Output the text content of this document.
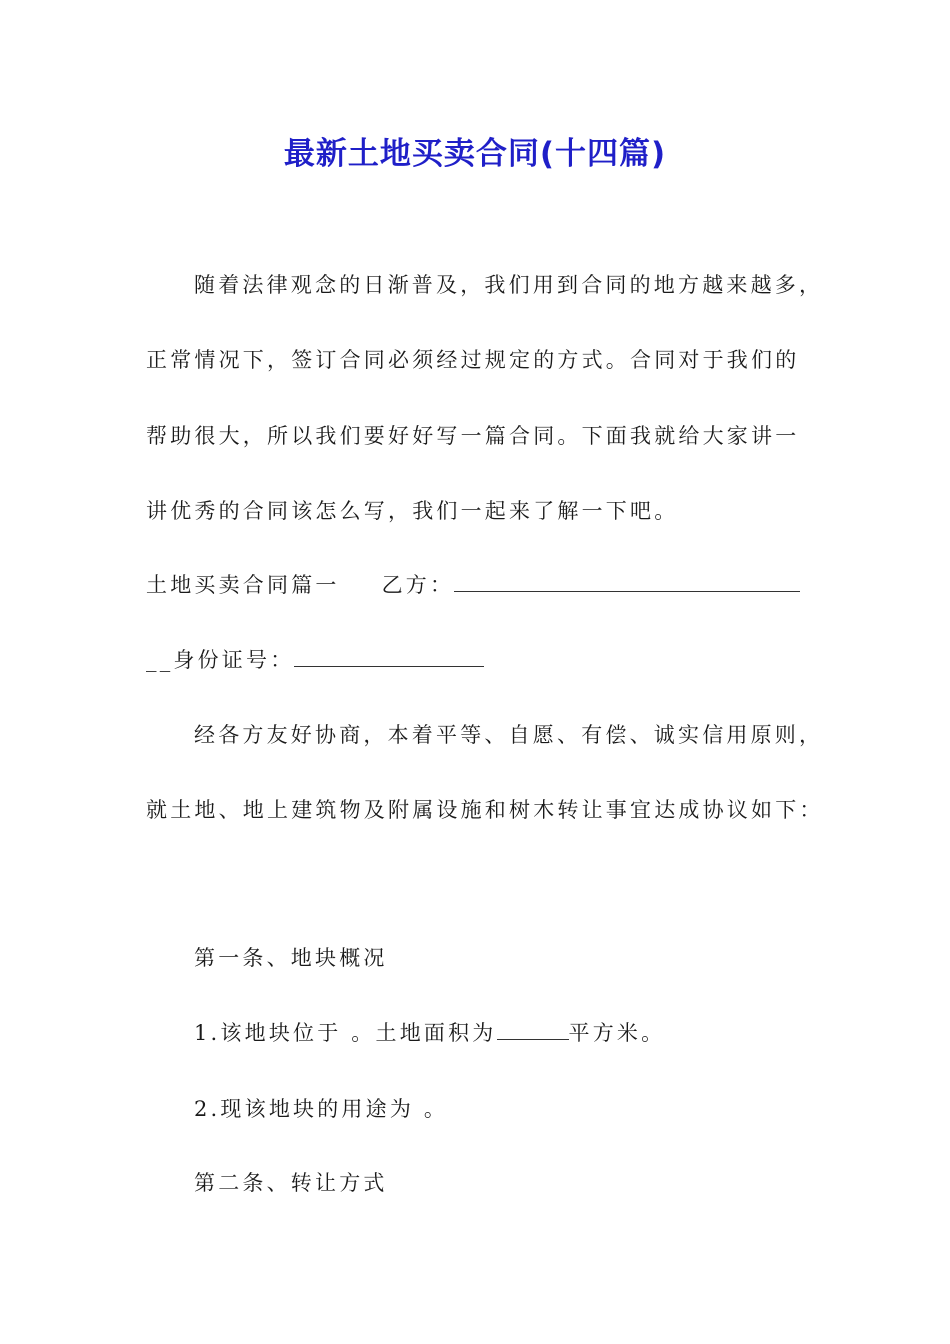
最新土地买卖合同(十四篇)
随着法律观念的日渐普及，我们用到合同的地方越来越多，
正常情况下，签订合同必须经过规定的方式。合同对于我们的
帮助很大，所以我们要好好写一篇合同。下面我就给大家讲一
讲优秀的合同该怎么写，我们一起来了解一下吧。
土地买卖合同篇一 乙方：
__身份证号：
经各方友好协商，本着平等、自愿、有偿、诚实信用原则，
就土地、地上建筑物及附属设施和树木转让事宜达成协议如下：
第一条、地块概况
1.该地块位于 。土地面积为	平方米。
2.现该地块的用途为 。
第二条、转让方式
